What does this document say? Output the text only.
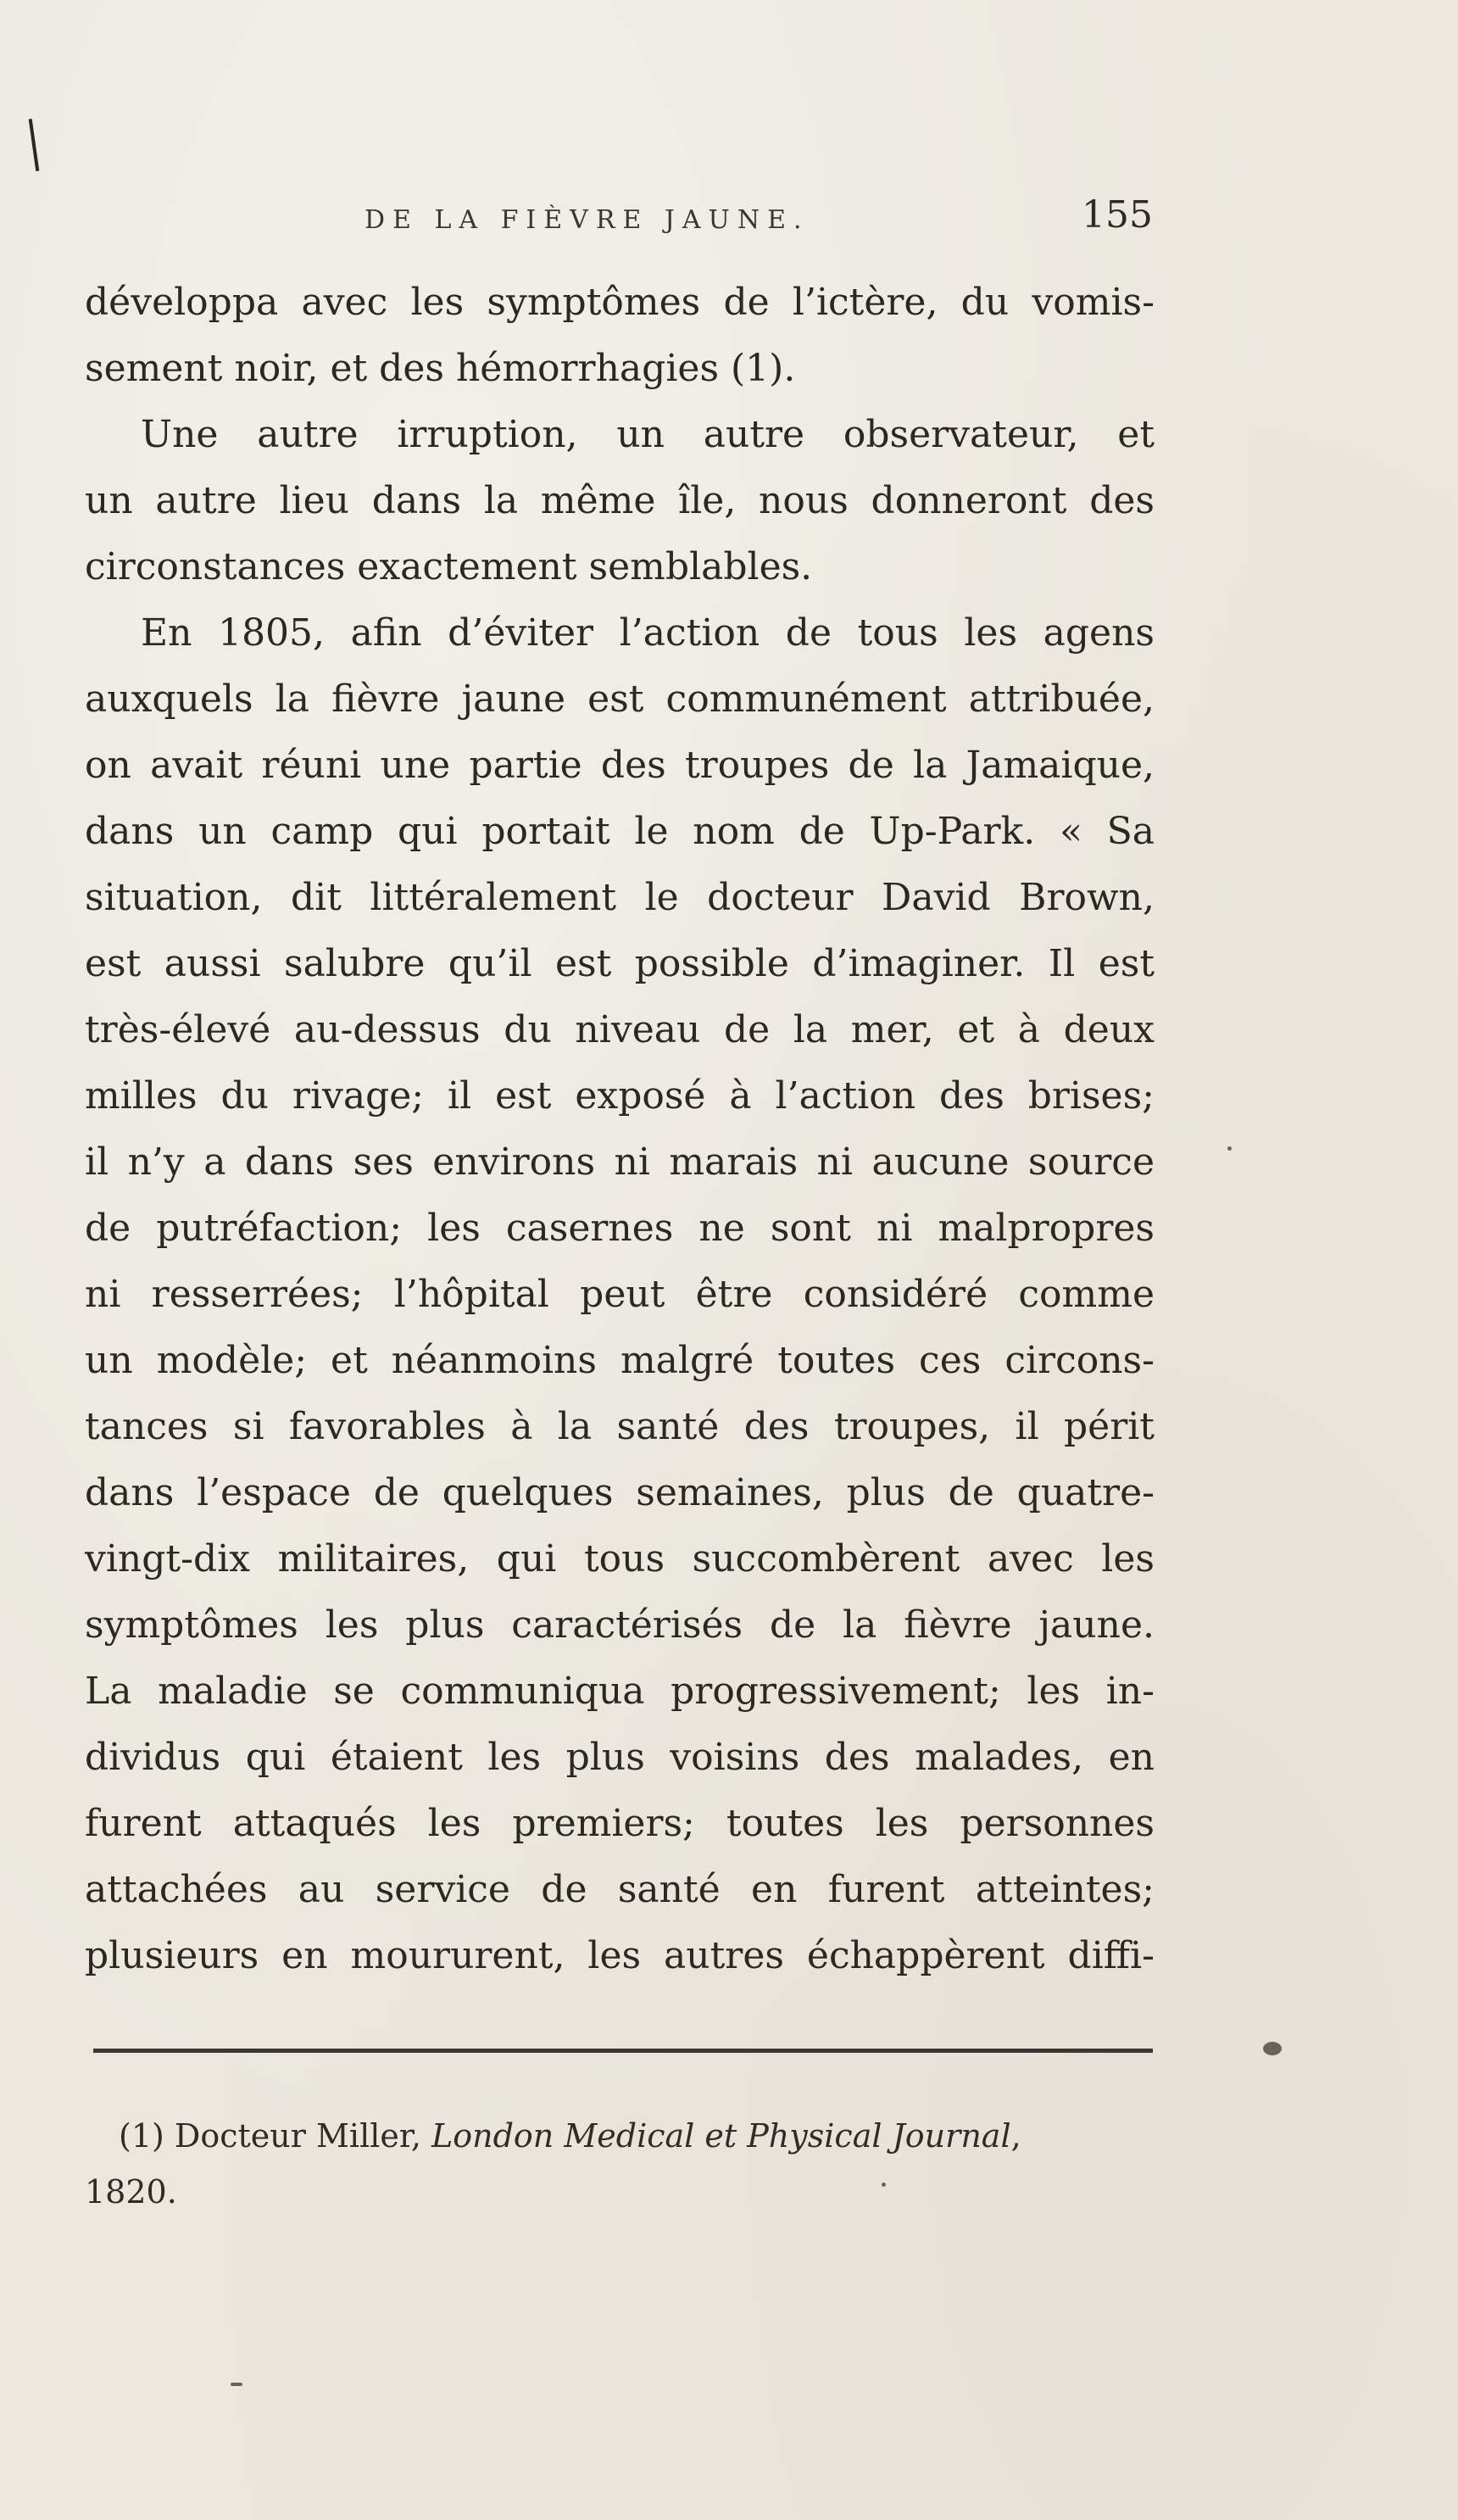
DE LA FIÈVRE JAUNE.	155
développa avec les symptômes de l’ictère, du vomis-
sement noir, et des hémorrhagies (1).
Une autre irruption, un autre observateur, et
un autre lieu dans la même île, nous donneront des
circonstances exactement semblables.
En 1805, afin d’éviter l’action de tous les agens
auxquels la fièvre jaune est communément attribuée,
on avait réuni une partie des troupes de la Jamaique,
dans un camp qui portait le nom de Up-Park. « Sa
situation, dit littéralement le docteur David Brown,
est aussi salubre qu’il est possible d’imaginer. Il est
très-élevé au-dessus du niveau de la mer, et à deux
milles du rivage; il est exposé à l’action des brises;
il n’y a dans ses environs ni marais ni aucune source
de putréfaction; les casernes ne sont ni malpropres
ni resserrées; l’hôpital peut être considéré comme
un modèle; et néanmoins malgré toutes ces circons-
tances si favorables à la santé des troupes, il périt
dans l’espace de quelques semaines, plus de quatre-
vingt-dix militaires, qui tous succombèrent avec les
symptômes les plus caractérisés de la fièvre jaune.
La maladie se communiqua progressivement; les in-
dividus qui étaient les plus voisins des malades, en
furent attaqués les premiers; toutes les personnes
attachées au service de santé en furent atteintes;
plusieurs en moururent, les autres échappèrent diffi-
(1) Docteur Miller, London Medical et Physical Journal,
1820.
